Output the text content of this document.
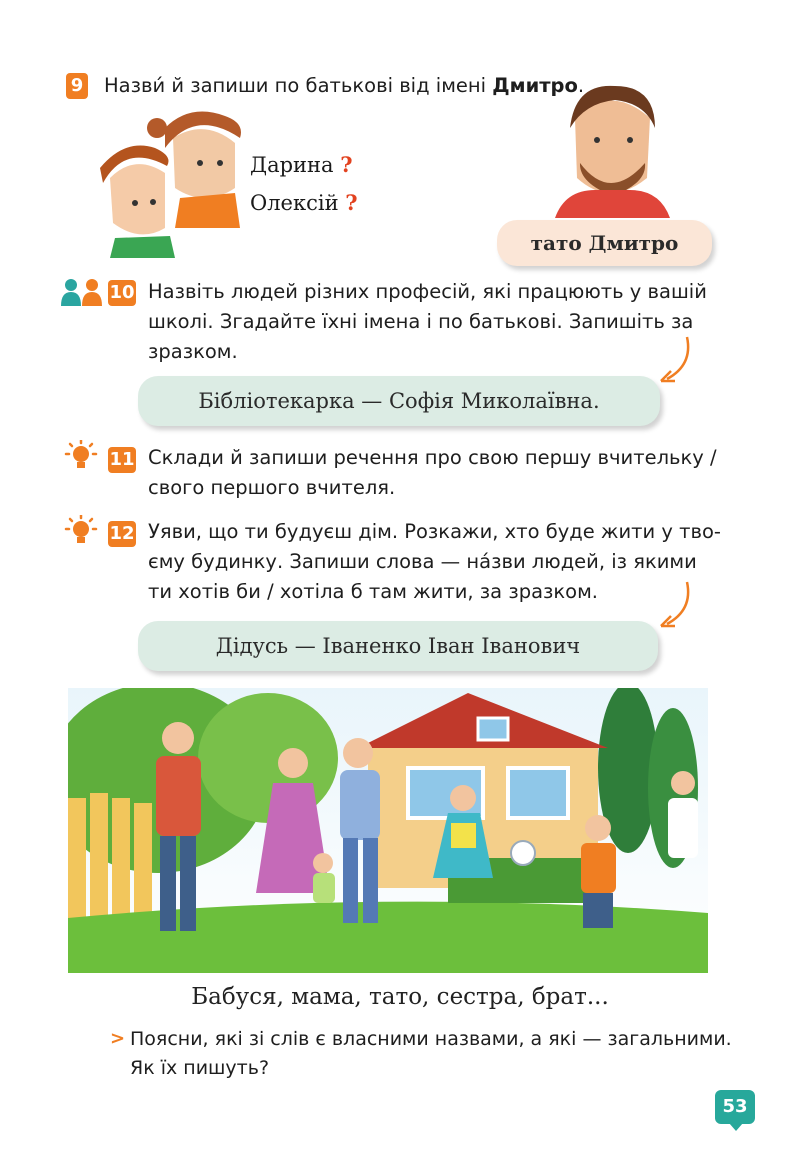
9 Назви́ й запиши по батькові від імені Дмитро.
Дарина ?
Олексій ?
тато Дмитро
10 Назвіть людей різних професій, які працюють у вашій
школі. Згадайте їхні імена і по батькові. Запишіть за
зразком.
Бібліотекарка — Софія Миколаївна.
11 Склади й запиши речення про свою першу вчительку /
свого першого вчителя.
12 Уяви, що ти будуєш дім. Розкажи, хто буде жити у тво-
єму будинку. Запиши слова — на́зви людей, із якими
ти хотів би / хотіла б там жити, за зразком.
Дідусь — Іваненко Іван Іванович
Бабуся, мама, тато, сестра, брат...
> Поясни, які зі слів є власними назвами, а які — загальними.
Як їх пишуть?
53
